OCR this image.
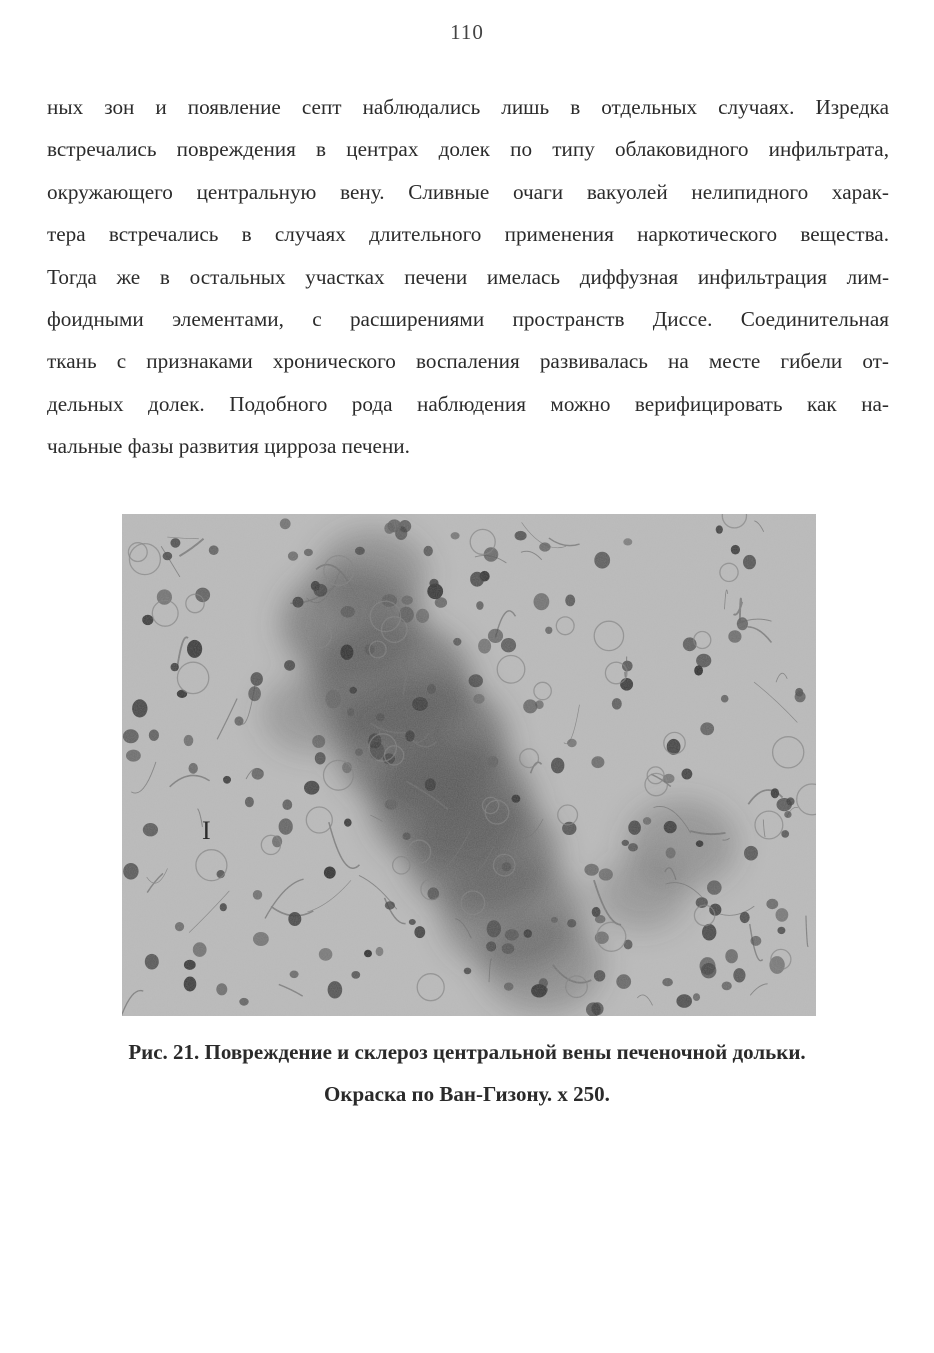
110
ных зон и появление септ наблюдались лишь в отдельных случаях. Изредка
встречались повреждения в центрах долек по типу облаковидного инфильтрата,
окружающего центральную вену. Сливные очаги вакуолей нелипидного харак-
тера встречались в случаях длительного применения наркотического вещества.
Тогда же в остальных участках печени имелась диффузная инфильтрация лим-
фоидными элементами, с расширениями пространств Диссе. Соединительная
ткань с признаками хронического воспаления развивалась на месте гибели от-
дельных долек. Подобного рода наблюдения можно верифицировать как на-
чальные фазы развития цирроза печени.
I
Рис. 21. Повреждение и склероз центральной вены печеночной дольки.
Окраска по Ван-Гизону. х 250.
